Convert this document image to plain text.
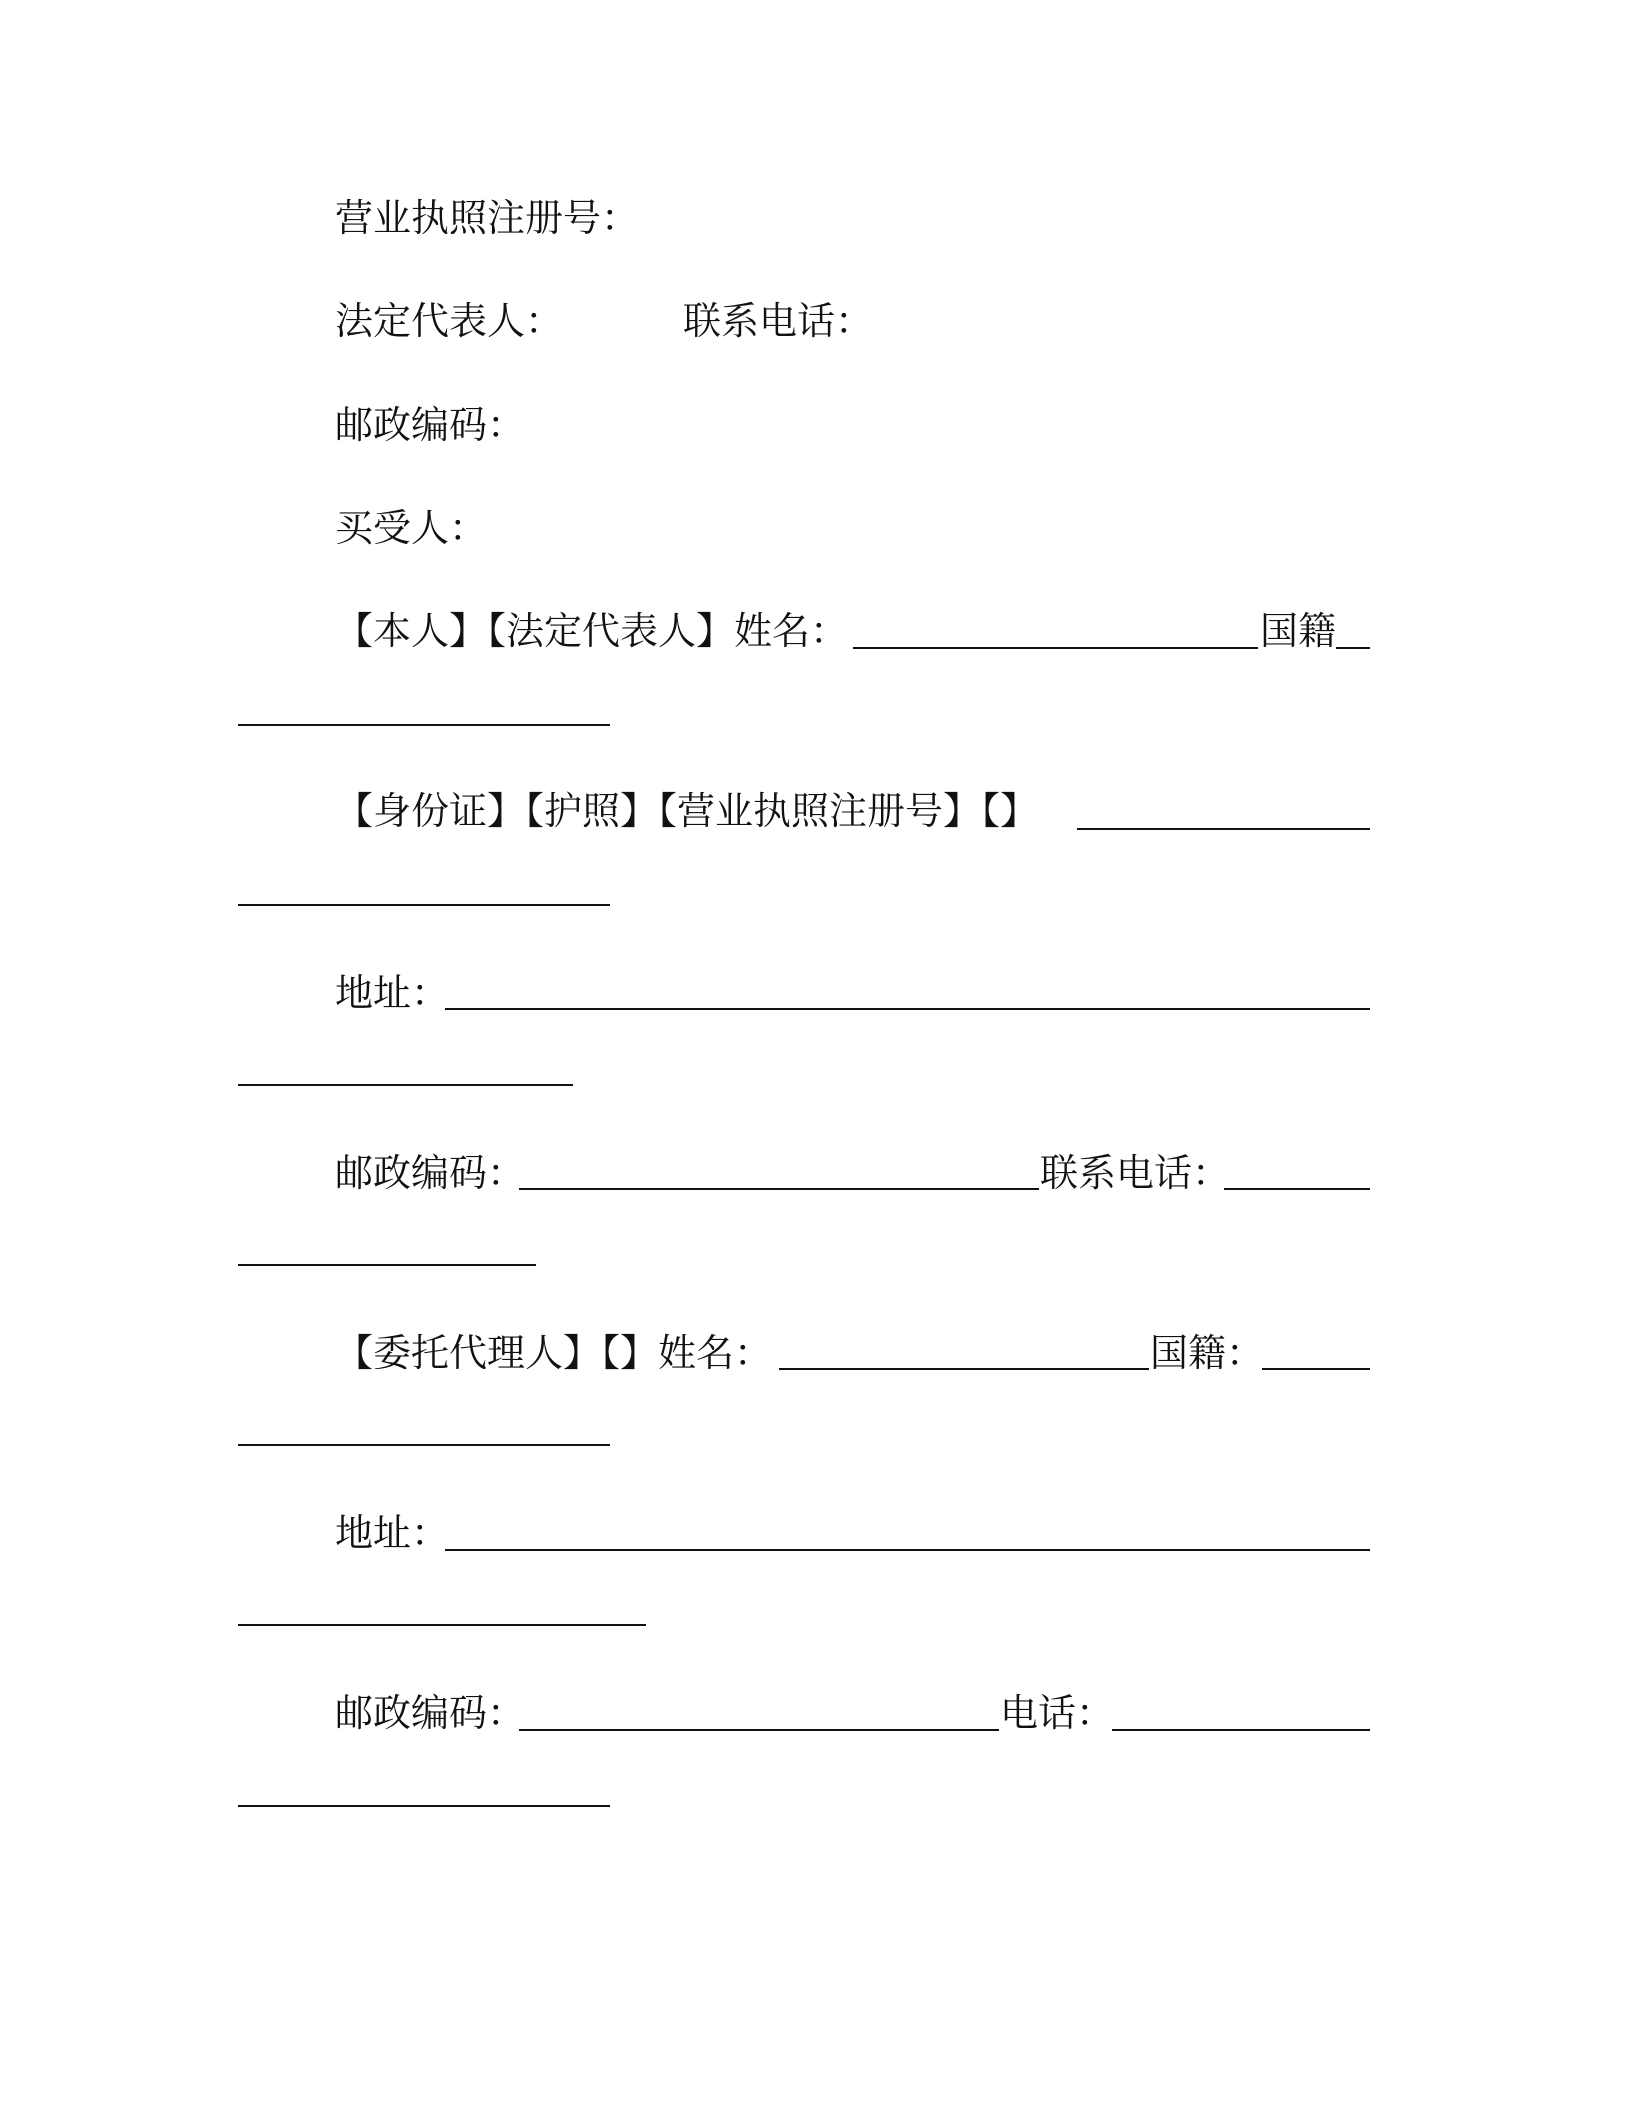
营业执照注册号：
法定代表人：	联系电话：
邮政编码：
买受人：
【本人】【法定代表人】姓名：	国籍
【身份证】【护照】【营业执照注册号】【】
地址：
邮政编码：	联系电话：
【委托代理人】【】姓名：	国籍：
地址：
邮政编码：	电话：
